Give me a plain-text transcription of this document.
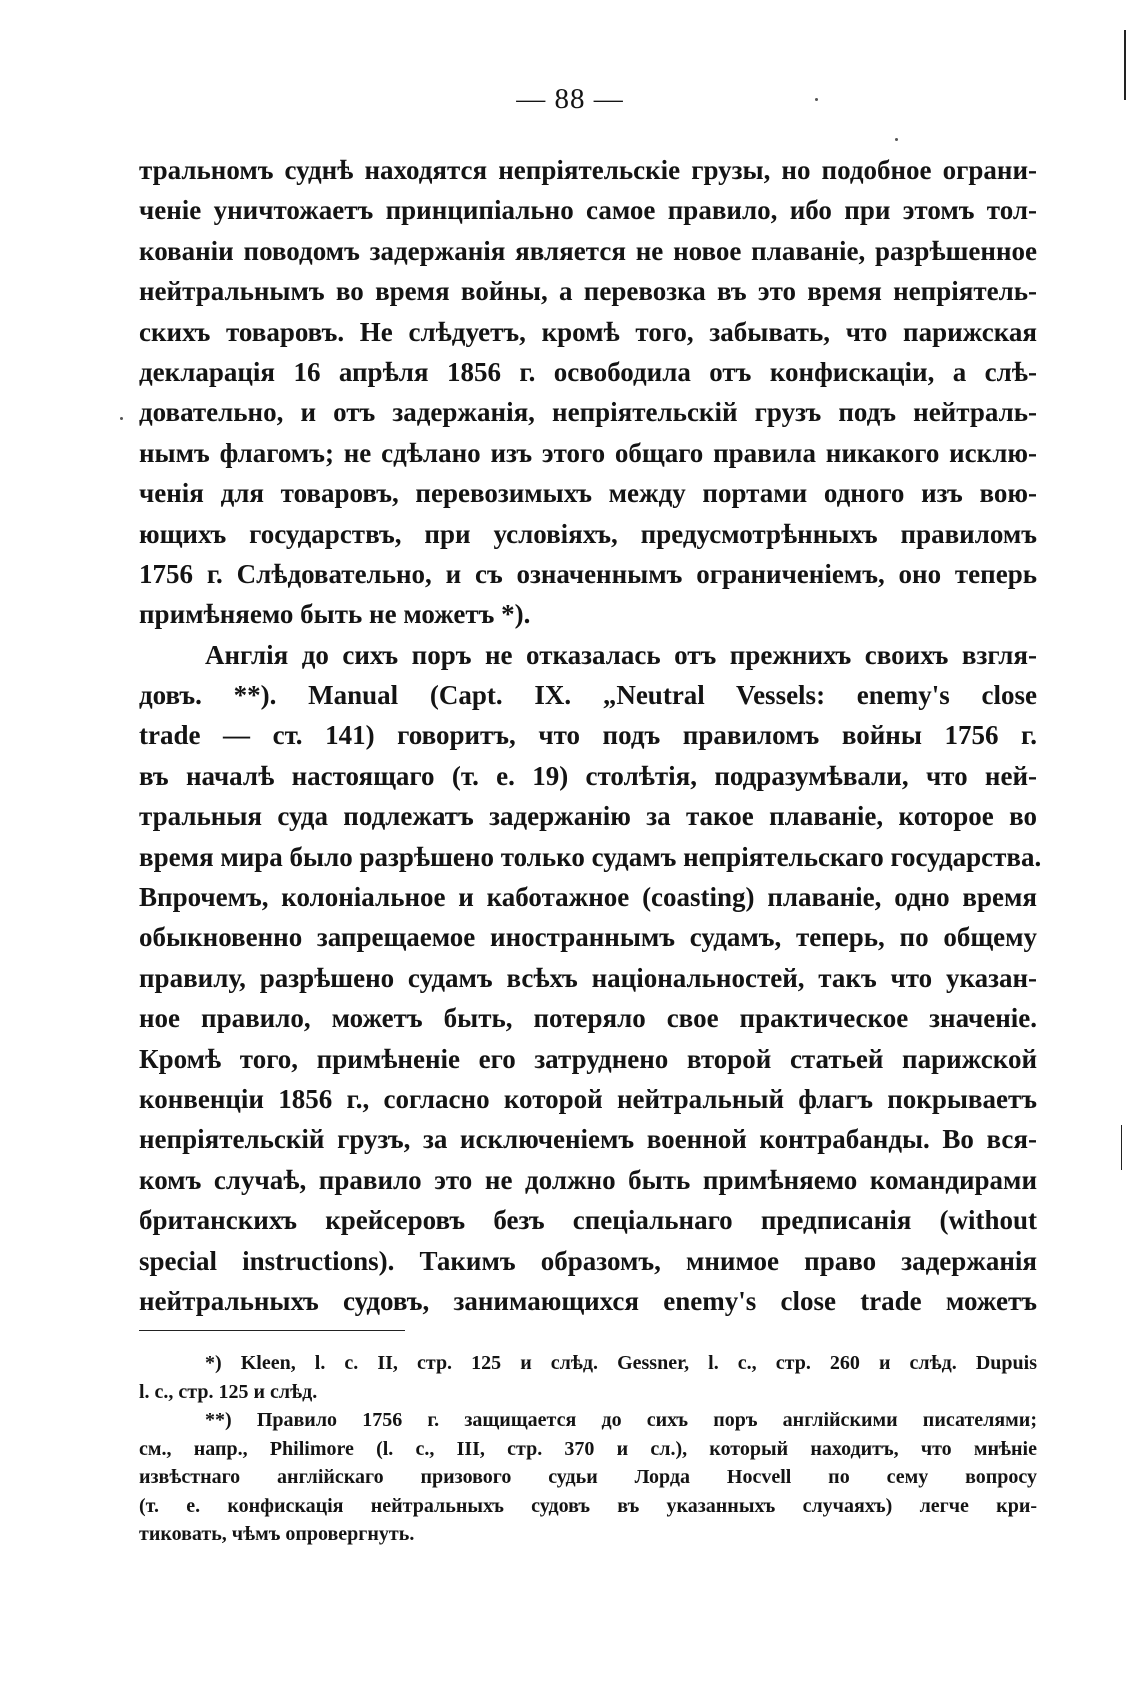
— 88 —
тральномъ суднѣ находятся непріятельскіе грузы, но подобное ограни-
ченіе уничтожаетъ принципіально самое правило, ибо при этомъ тол-
кованіи поводомъ задержанія является не новое плаваніе, разрѣшенное
нейтральнымъ во время войны, а перевозка въ это время непріятель-
скихъ товаровъ. Не слѣдуетъ, кромѣ того, забывать, что парижская
декларація 16 апрѣля 1856 г. освободила отъ конфискаціи, а слѣ-
довательно, и отъ задержанія, непріятельскій грузъ подъ нейтраль-
нымъ флагомъ; не сдѣлано изъ этого общаго правила никакого исклю-
ченія для товаровъ, перевозимыхъ между портами одного изъ вою-
ющихъ государствъ, при условіяхъ, предусмотрѣнныхъ правиломъ
1756 г. Слѣдовательно, и съ означеннымъ ограниченіемъ, оно теперь
примѣняемо быть не можетъ *).
Англія до сихъ поръ не отказалась отъ прежнихъ своихъ взгля-
довъ. **). Manual (Capt. IX. „Neutral Vessels: enemy's close
trade — ст. 141) говоритъ, что подъ правиломъ войны 1756 г.
въ началѣ настоящаго (т. е. 19) столѣтія, подразумѣвали, что ней-
тральныя суда подлежатъ задержанію за такое плаваніе, которое во
время мира было разрѣшено только судамъ непріятельскаго государства.
Впрочемъ, колоніальное и каботажное (coasting) плаваніе, одно время
обыкновенно запрещаемое иностраннымъ судамъ, теперь, по общему
правилу, разрѣшено судамъ всѣхъ національностей, такъ что указан-
ное правило, можетъ быть, потеряло свое практическое значеніе.
Кромѣ того, примѣненіе его затруднено второй статьей парижской
конвенціи 1856 г., согласно которой нейтральный флагъ покрываетъ
непріятельскій грузъ, за исключеніемъ военной контрабанды. Во вся-
комъ случаѣ, правило это не должно быть примѣняемо командирами
британскихъ крейсеровъ безъ спеціальнаго предписанія (without
special instructions). Такимъ образомъ, мнимое право задержанія
нейтральныхъ судовъ, занимающихся enemy's close trade можетъ
*) Kleen, l. c. II, стр. 125 и слѣд. Gessner, l. c., стр. 260 и слѣд. Dupuis
l. c., стр. 125 и слѣд.
**) Правило 1756 г. защищается до сихъ поръ англійскими писателями;
см., напр., Philimore (l. c., III, стр. 370 и сл.), который находитъ, что мнѣніе
извѣстнаго англійскаго призового судьи Лорда Hocvell по сему вопросу
(т. е. конфискація нейтральныхъ судовъ въ указанныхъ случаяхъ) легче кри-
тиковать, чѣмъ опровергнуть.
